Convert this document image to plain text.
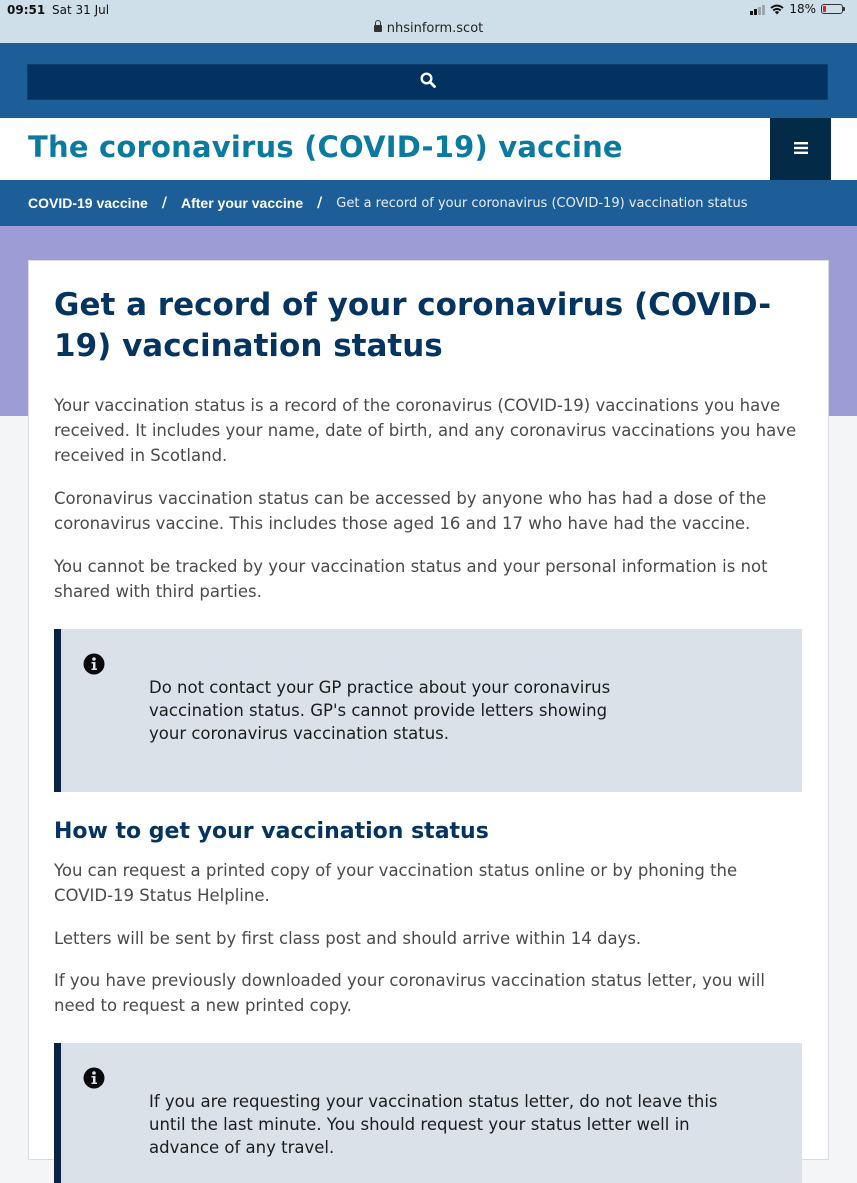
09:51 Sat 31 Jul
nhsinform.scot
18%
The coronavirus (COVID-19) vaccine
COVID-19 vaccine / After your vaccine / Get a record of your coronavirus (COVID-19) vaccination status
Get a record of your coronavirus (COVID-19) vaccination status

Your vaccination status is a record of the coronavirus (COVID-19) vaccinations you have received. It includes your name, date of birth, and any coronavirus vaccinations you have received in Scotland.

Coronavirus vaccination status can be accessed by anyone who has had a dose of the coronavirus vaccine. This includes those aged 16 and 17 who have had the vaccine.

You cannot be tracked by your vaccination status and your personal information is not shared with third parties.

Do not contact your GP practice about your coronavirus vaccination status. GP's cannot provide letters showing your coronavirus vaccination status.

How to get your vaccination status

You can request a printed copy of your vaccination status online or by phoning the COVID-19 Status Helpline.

Letters will be sent by first class post and should arrive within 14 days.

If you have previously downloaded your coronavirus vaccination status letter, you will need to request a new printed copy.

If you are requesting your vaccination status letter, do not leave this until the last minute. You should request your status letter well in advance of any travel.
